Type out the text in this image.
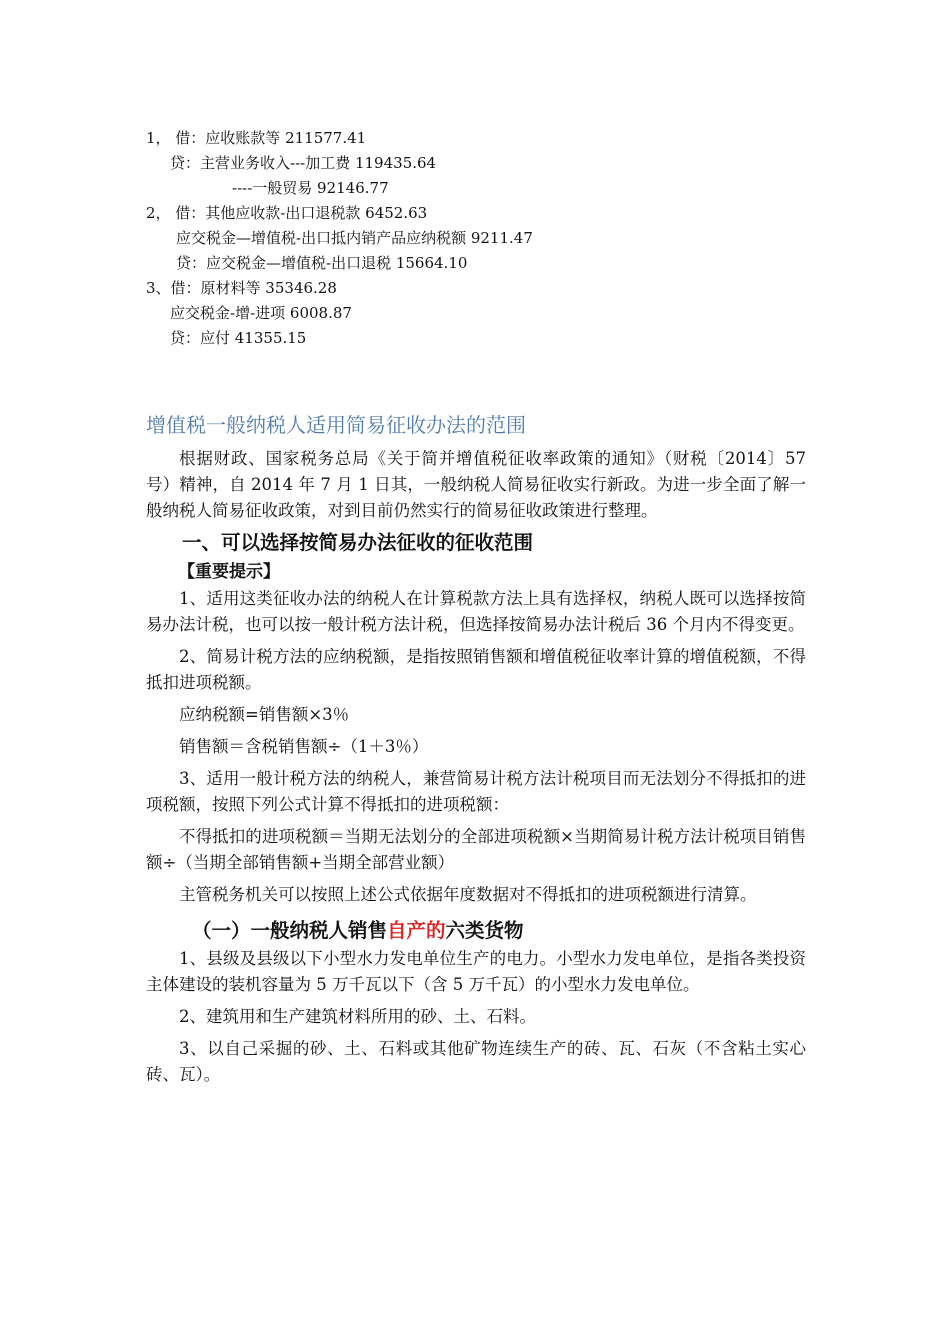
1， 借：应收账款等 211577.41
贷：主营业务收入---加工费 119435.64
----一般贸易 92146.77
2， 借：其他应收款-出口退税款 6452.63
应交税金—增值税-出口抵内销产品应纳税额 9211.47
贷：应交税金—增值税-出口退税 15664.10
3、借：原材料等 35346.28
应交税金-增-进项 6008.87
贷：应付 41355.15
增值税一般纳税人适用简易征收办法的范围

根据财政、国家税务总局《关于简并增值税征收率政策的通知》（财税〔2014〕57 号）精神，自 2014 年 7 月 1 日其，一般纳税人简易征收实行新政。为进一步全面了解一般纳税人简易征收政策，对到目前仍然实行的简易征收政策进行整理。

一、可以选择按简易办法征收的征收范围
【重要提示】

1、适用这类征收办法的纳税人在计算税款方法上具有选择权，纳税人既可以选择按简易办法计税，也可以按一般计税方法计税，但选择按简易办法计税后 36 个月内不得变更。

2、简易计税方法的应纳税额，是指按照销售额和增值税征收率计算的增值税额，不得抵扣进项税额。

应纳税额=销售额×3％

销售额＝含税销售额÷（1＋3％）

3、适用一般计税方法的纳税人，兼营简易计税方法计税项目而无法划分不得抵扣的进项税额，按照下列公式计算不得抵扣的进项税额：

不得抵扣的进项税额＝当期无法划分的全部进项税额×当期简易计税方法计税项目销售额÷（当期全部销售额+当期全部营业额）

主管税务机关可以按照上述公式依据年度数据对不得抵扣的进项税额进行清算。

（一）一般纳税人销售自产的六类货物

1、县级及县级以下小型水力发电单位生产的电力。小型水力发电单位，是指各类投资主体建设的装机容量为 5 万千瓦以下（含 5 万千瓦）的小型水力发电单位。

2、建筑用和生产建筑材料所用的砂、土、石料。

3、以自己采掘的砂、土、石料或其他矿物连续生产的砖、瓦、石灰（不含粘土实心砖、瓦）。
